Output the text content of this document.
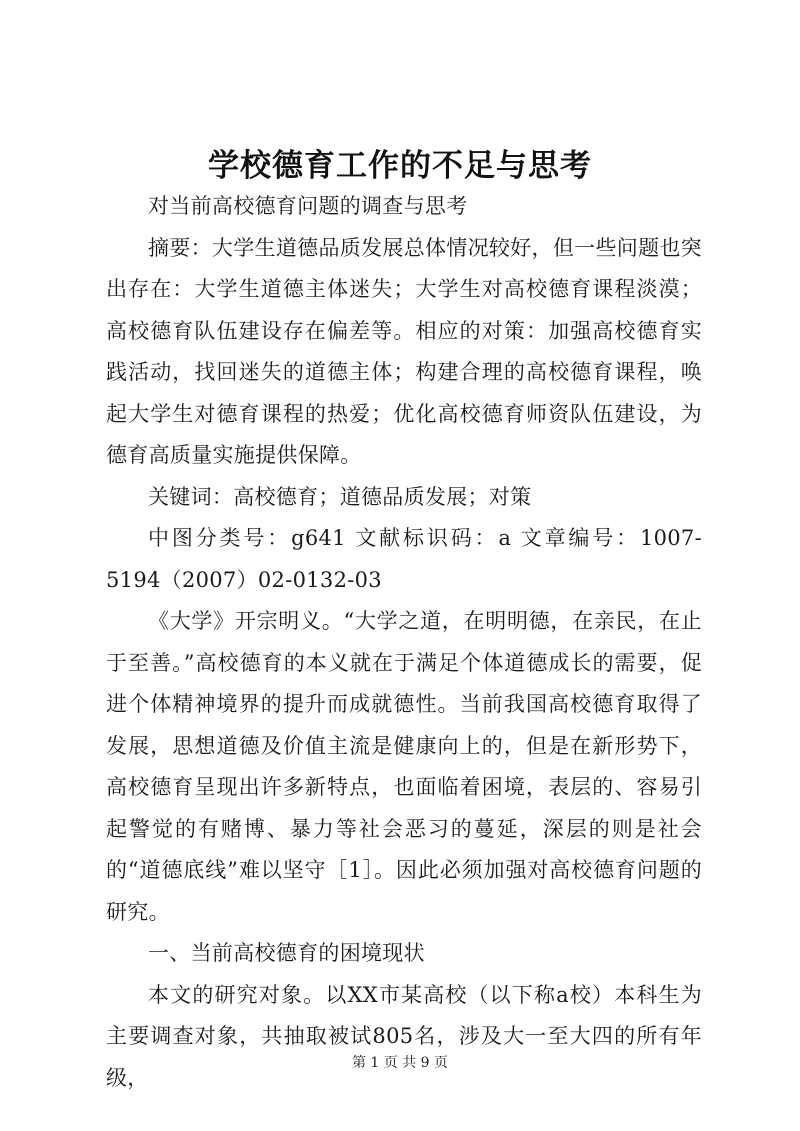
学校德育工作的不足与思考

对当前高校德育问题的调查与思考

摘要：大学生道德品质发展总体情况较好，但一些问题也突出存在：大学生道德主体迷失；大学生对高校德育课程淡漠；高校德育队伍建设存在偏差等。相应的对策：加强高校德育实践活动，找回迷失的道德主体；构建合理的高校德育课程，唤起大学生对德育课程的热爱；优化高校德育师资队伍建设，为德育高质量实施提供保障。

关键词：高校德育；道德品质发展；对策

中图分类号：g641 文献标识码：a 文章编号：1007-5194（2007）02-0132-03

《大学》开宗明义。“大学之道，在明明德，在亲民，在止于至善。”高校德育的本义就在于满足个体道德成长的需要，促进个体精神境界的提升而成就德性。当前我国高校德育取得了发展，思想道德及价值主流是健康向上的，但是在新形势下，高校德育呈现出许多新特点，也面临着困境，表层的、容易引起警觉的有赌博、暴力等社会恶习的蔓延，深层的则是社会的“道德底线”难以坚守［1］。因此必须加强对高校德育问题的研究。

一、当前高校德育的困境现状

本文的研究对象。以XX市某高校（以下称a校）本科生为主要调查对象，共抽取被试805名，涉及大一至大四的所有年级，

第 1 页 共 9 页
